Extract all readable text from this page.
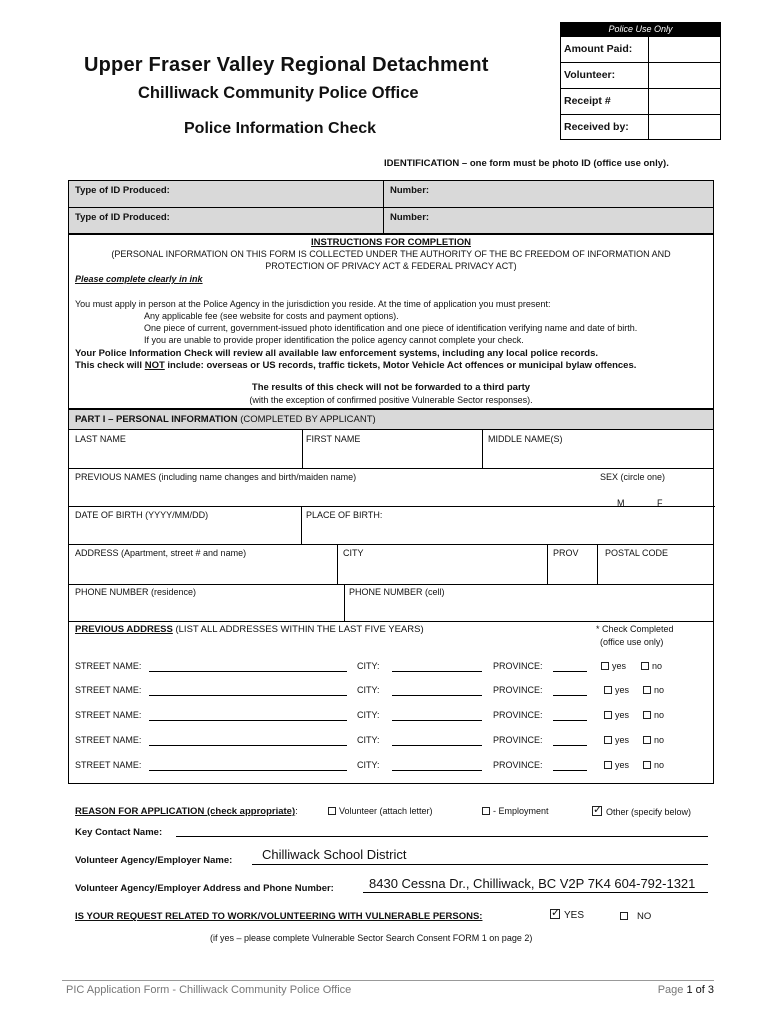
Police Use Only
Amount Paid:
Volunteer:
Receipt #
Received by:
Upper Fraser Valley Regional Detachment
Chilliwack Community Police Office
Police Information Check
IDENTIFICATION – one form must be photo ID (office use only).
Type of ID Produced:	Number:
Type of ID Produced:	Number:
INSTRUCTIONS FOR COMPLETION
(PERSONAL INFORMATION ON THIS FORM IS COLLECTED UNDER THE AUTHORITY OF THE BC FREEDOM OF INFORMATION AND
PROTECTION OF PRIVACY ACT & FEDERAL PRIVACY ACT)
Please complete clearly in ink
You must apply in person at the Police Agency in the jurisdiction you reside. At the time of application you must present:
Any applicable fee (see website for costs and payment options).
One piece of current, government-issued photo identification and one piece of identification verifying name and date of birth.
If you are unable to provide proper identification the police agency cannot complete your check.
Your Police Information Check will review all available law enforcement systems, including any local police records.
This check will NOT include: overseas or US records, traffic tickets, Motor Vehicle Act offences or municipal bylaw offences.
The results of this check will not be forwarded to a third party
(with the exception of confirmed positive Vulnerable Sector responses).
PART I – PERSONAL INFORMATION (COMPLETED BY APPLICANT)
LAST NAME	FIRST NAME	MIDDLE NAME(S)
PREVIOUS NAMES (including name changes and birth/maiden name)	SEX (circle one)
M	F
DATE OF BIRTH (YYYY/MM/DD)	PLACE OF BIRTH:
ADDRESS (Apartment, street # and name)	CITY	PROV	POSTAL CODE
PHONE NUMBER (residence)	PHONE NUMBER (cell)
PREVIOUS ADDRESS (LIST ALL ADDRESSES WITHIN THE LAST FIVE YEARS)	* Check Completed
(office use only)
STREET NAME:	CITY:	PROVINCE:	yes	no
STREET NAME:	CITY:	PROVINCE:	yes	no
STREET NAME:	CITY:	PROVINCE:	yes	no
STREET NAME:	CITY:	PROVINCE:	yes	no
STREET NAME:	CITY:	PROVINCE:	yes	no
REASON FOR APPLICATION (check appropriate):	Volunteer (attach letter)	- Employment ✓	Other (specify below)
Key Contact Name:
Volunteer Agency/Employer Name: Chilliwack School District
Volunteer Agency/Employer Address and Phone Number:	8430 Cessna Dr., Chilliwack, BC V2P 7K4 604-792-1321
IS YOUR REQUEST RELATED TO WORK/VOLUNTEERING WITH VULNERABLE PERSONS: ✓	YES	NO
(if yes – please complete Vulnerable Sector Search Consent FORM 1 on page 2)
PIC Application Form - Chilliwack Community Police Office	Page 1 of 3
